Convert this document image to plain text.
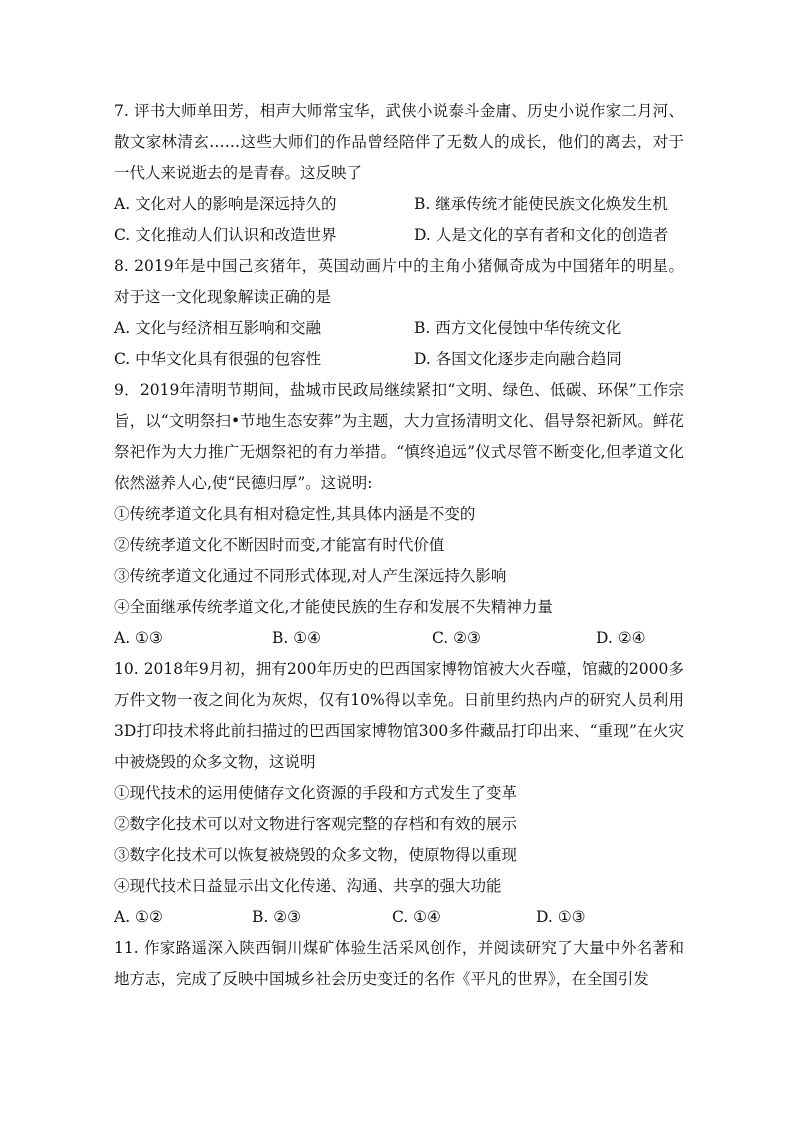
7. 评书大师单田芳，相声大师常宝华，武侠小说泰斗金庸、历史小说作家二月河、散文家林清玄……这些大师们的作品曾经陪伴了无数人的成长，他们的离去，对于一代人来说逝去的是青春。这反映了
A. 文化对人的影响是深远持久的	B. 继承传统才能使民族文化焕发生机
C. 文化推动人们认识和改造世界	D. 人是文化的享有者和文化的创造者
8. 2019年是中国己亥猪年，英国动画片中的主角小猪佩奇成为中国猪年的明星。对于这一文化现象解读正确的是
A. 文化与经济相互影响和交融	B. 西方文化侵蚀中华传统文化
C. 中华文化具有很强的包容性	D. 各国文化逐步走向融合趋同
9．2019年清明节期间，盐城市民政局继续紧扣“文明、绿色、低碳、环保”工作宗旨，以“文明祭扫•节地生态安葬”为主题，大力宣扬清明文化、倡导祭祀新风。鲜花祭祀作为大力推广无烟祭祀的有力举措。“慎终追远”仪式尽管不断变化,但孝道文化依然滋养人心,使“民德归厚”。这说明:
①传统孝道文化具有相对稳定性,其具体内涵是不变的
②传统孝道文化不断因时而变,才能富有时代价值
③传统孝道文化通过不同形式体现,对人产生深远持久影响
④全面继承传统孝道文化,才能使民族的生存和发展不失精神力量
A. ①③	B. ①④	C. ②③	D. ②④
10. 2018年9月初，拥有200年历史的巴西国家博物馆被大火吞噬，馆藏的2000多万件文物一夜之间化为灰烬，仅有10%得以幸免。日前里约热内卢的研究人员利用3D打印技术将此前扫描过的巴西国家博物馆300多件藏品打印出来、“重现”在火灾中被烧毁的众多文物，这说明
①现代技术的运用使储存文化资源的手段和方式发生了变革
②数字化技术可以对文物进行客观完整的存档和有效的展示
③数字化技术可以恢复被烧毁的众多文物，使原物得以重现
④现代技术日益显示出文化传递、沟通、共享的强大功能
A. ①②	B. ②③	C. ①④	D. ①③
11. 作家路遥深入陕西铜川煤矿体验生活采风创作，并阅读研究了大量中外名著和地方志，完成了反映中国城乡社会历史变迁的名作《平凡的世界》，在全国引发
